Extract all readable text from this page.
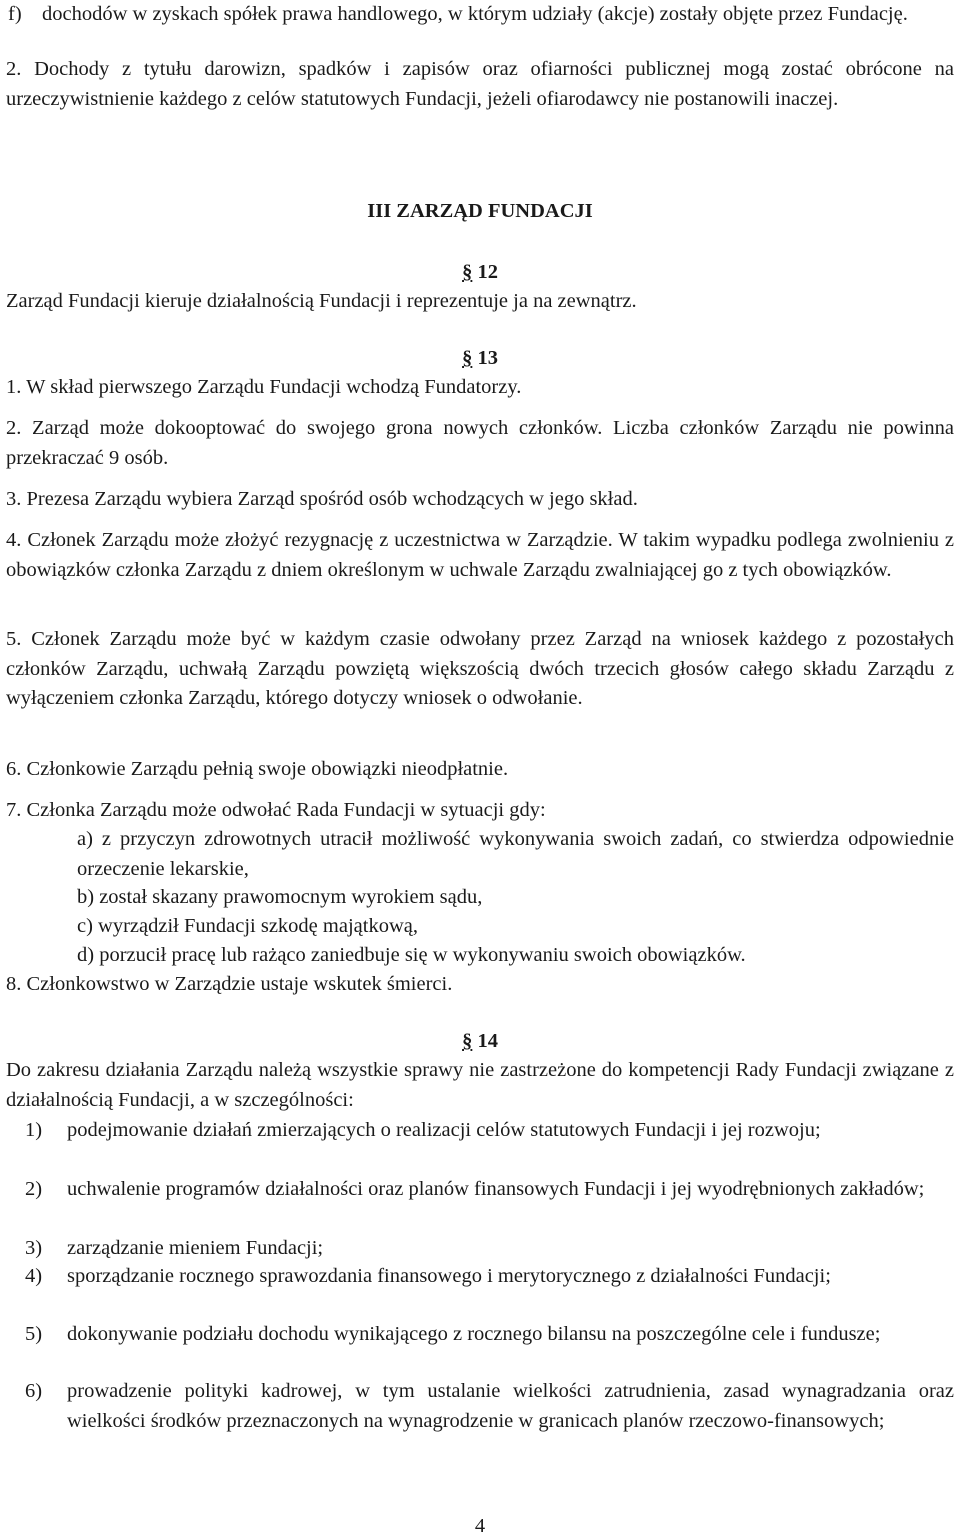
f) dochodów w zyskach spółek prawa handlowego, w którym udziały (akcje) zostały objęte przez Fundację.
2. Dochody z tytułu darowizn, spadków i zapisów oraz ofiarności publicznej mogą zostać obrócone na urzeczywistnienie każdego z celów statutowych Fundacji, jeżeli ofiarodawcy nie postanowili inaczej.
III ZARZĄD FUNDACJI
§ 12
Zarząd Fundacji kieruje działalnością Fundacji i reprezentuje ja na zewnątrz.
§ 13
1. W skład pierwszego Zarządu Fundacji wchodzą Fundatorzy.
2. Zarząd może dokooptować do swojego grona nowych członków. Liczba członków Zarządu nie powinna przekraczać 9 osób.
3. Prezesa Zarządu wybiera Zarząd spośród osób wchodzących w jego skład.
4. Członek Zarządu może złożyć rezygnację z uczestnictwa w Zarządzie. W takim wypadku podlega zwolnieniu z obowiązków członka Zarządu z dniem określonym w uchwale Zarządu zwalniającej go z tych obowiązków.
5. Członek Zarządu może być w każdym czasie odwołany przez Zarząd na wniosek każdego z pozostałych członków Zarządu, uchwałą Zarządu powziętą większością dwóch trzecich głosów całego składu Zarządu z wyłączeniem członka Zarządu, którego dotyczy wniosek o odwołanie.
6. Członkowie Zarządu pełnią swoje obowiązki nieodpłatnie.
7. Członka Zarządu może odwołać Rada Fundacji w sytuacji gdy:
a) z przyczyn zdrowotnych utracił możliwość wykonywania swoich zadań, co stwierdza odpowiednie orzeczenie lekarskie,
b) został skazany prawomocnym wyrokiem sądu,
c) wyrządził Fundacji szkodę majątkową,
d) porzucił pracę lub rażąco zaniedbuje się w wykonywaniu swoich obowiązków.
8. Członkowstwo w Zarządzie ustaje wskutek śmierci.
§ 14
Do zakresu działania Zarządu należą wszystkie sprawy nie zastrzeżone do kompetencji Rady Fundacji związane z działalnością Fundacji, a w szczególności:
1) podejmowanie działań zmierzających o realizacji celów statutowych Fundacji i jej rozwoju;
2) uchwalenie programów działalności oraz planów finansowych Fundacji i jej wyodrębnionych zakładów;
3) zarządzanie mieniem Fundacji;
4) sporządzanie rocznego sprawozdania finansowego i merytorycznego z działalności Fundacji;
5) dokonywanie podziału dochodu wynikającego z rocznego bilansu na poszczególne cele i fundusze;
6) prowadzenie polityki kadrowej, w tym ustalanie wielkości zatrudnienia, zasad wynagradzania oraz wielkości środków przeznaczonych na wynagrodzenie w granicach planów rzeczowo-finansowych;
4
